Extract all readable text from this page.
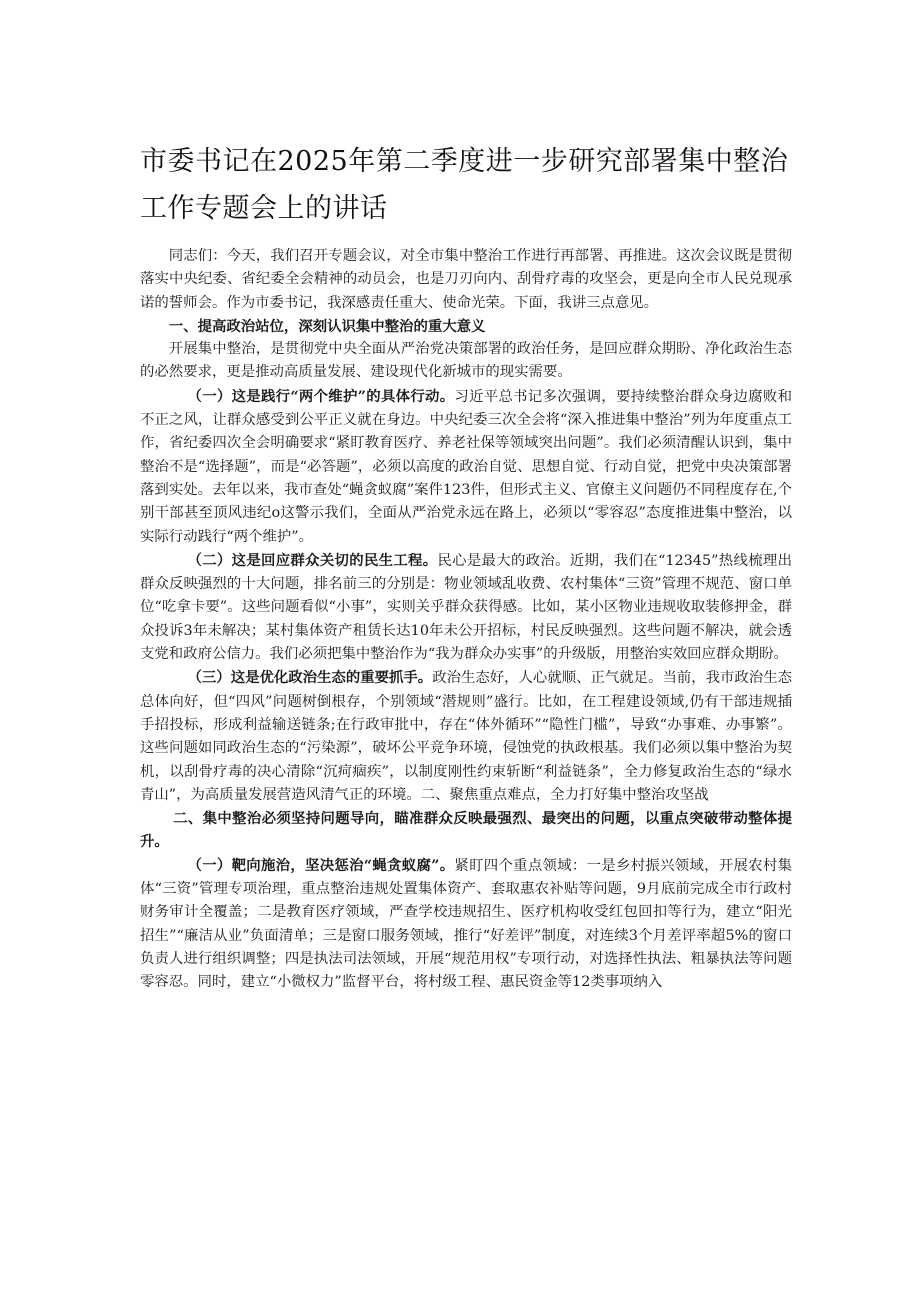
市委书记在2025年第二季度进一步研究部署集中整治工作专题会上的讲话

同志们：今天，我们召开专题会议，对全市集中整治工作进行再部署、再推进。这次会议既是贯彻落实中央纪委、省纪委全会精神的动员会，也是刀刃向内、刮骨疗毒的攻坚会，更是向全市人民兑现承诺的誓师会。作为市委书记，我深感责任重大、使命光荣。下面，我讲三点意见。

一、提高政治站位，深刻认识集中整治的重大意义

开展集中整治，是贯彻党中央全面从严治党决策部署的政治任务，是回应群众期盼、净化政治生态的必然要求，更是推动高质量发展、建设现代化新城市的现实需要。

（一）这是践行“两个维护”的具体行动。习近平总书记多次强调，要持续整治群众身边腐败和不正之风，让群众感受到公平正义就在身边。中央纪委三次全会将“深入推进集中整治”列为年度重点工作，省纪委四次全会明确要求“紧盯教育医疗、养老社保等领域突出问题”。我们必须清醒认识到，集中整治不是“选择题”，而是“必答题”，必须以高度的政治自觉、思想自觉、行动自觉，把党中央决策部署落到实处。去年以来，我市查处“蝇贪蚁腐”案件123件，但形式主义、官僚主义问题仍不同程度存在,个别干部甚至顶风违纪o这警示我们，全面从严治党永远在路上，必须以“零容忍”态度推进集中整治，以实际行动践行“两个维护”。

（二）这是回应群众关切的民生工程。民心是最大的政治。近期，我们在“12345”热线梳理出群众反映强烈的十大问题，排名前三的分别是：物业领域乱收费、农村集体“三资”管理不规范、窗口单位“吃拿卡要”。这些问题看似“小事”，实则关乎群众获得感。比如，某小区物业违规收取装修押金，群众投诉3年未解决；某村集体资产租赁长达10年未公开招标，村民反映强烈。这些问题不解决，就会透支党和政府公信力。我们必须把集中整治作为“我为群众办实事”的升级版，用整治实效回应群众期盼。

（三）这是优化政治生态的重要抓手。政治生态好，人心就顺、正气就足。当前，我市政治生态总体向好，但“四风”问题树倒根存，个别领域“潜规则”盛行。比如，在工程建设领域,仍有干部违规插手招投标，形成利益输送链条;在行政审批中，存在“体外循环”“隐性门槛”，导致“办事难、办事繁”。这些问题如同政治生态的“污染源”，破坏公平竞争环境，侵蚀党的执政根基。我们必须以集中整治为契机，以刮骨疗毒的决心清除“沉疴痼疾”，以制度刚性约束斩断“利益链条”，全力修复政治生态的“绿水青山”，为高质量发展营造风清气正的环境。二、聚焦重点难点，全力打好集中整治攻坚战

二、集中整治必须坚持问题导向，瞄准群众反映最强烈、最突出的问题，以重点突破带动整体提升。

（一）靶向施治，坚决惩治“蝇贪蚁腐”。紧盯四个重点领域：一是乡村振兴领域，开展农村集体“三资”管理专项治理，重点整治违规处置集体资产、套取惠农补贴等问题，9月底前完成全市行政村财务审计全覆盖；二是教育医疗领域，严查学校违规招生、医疗机构收受红包回扣等行为，建立“阳光招生”“廉洁从业”负面清单；三是窗口服务领域，推行“好差评”制度，对连续3个月差评率超5%的窗口负责人进行组织调整；四是执法司法领域，开展“规范用权”专项行动，对选择性执法、粗暴执法等问题零容忍。同时，建立“小微权力”监督平台，将村级工程、惠民资金等12类事项纳入
